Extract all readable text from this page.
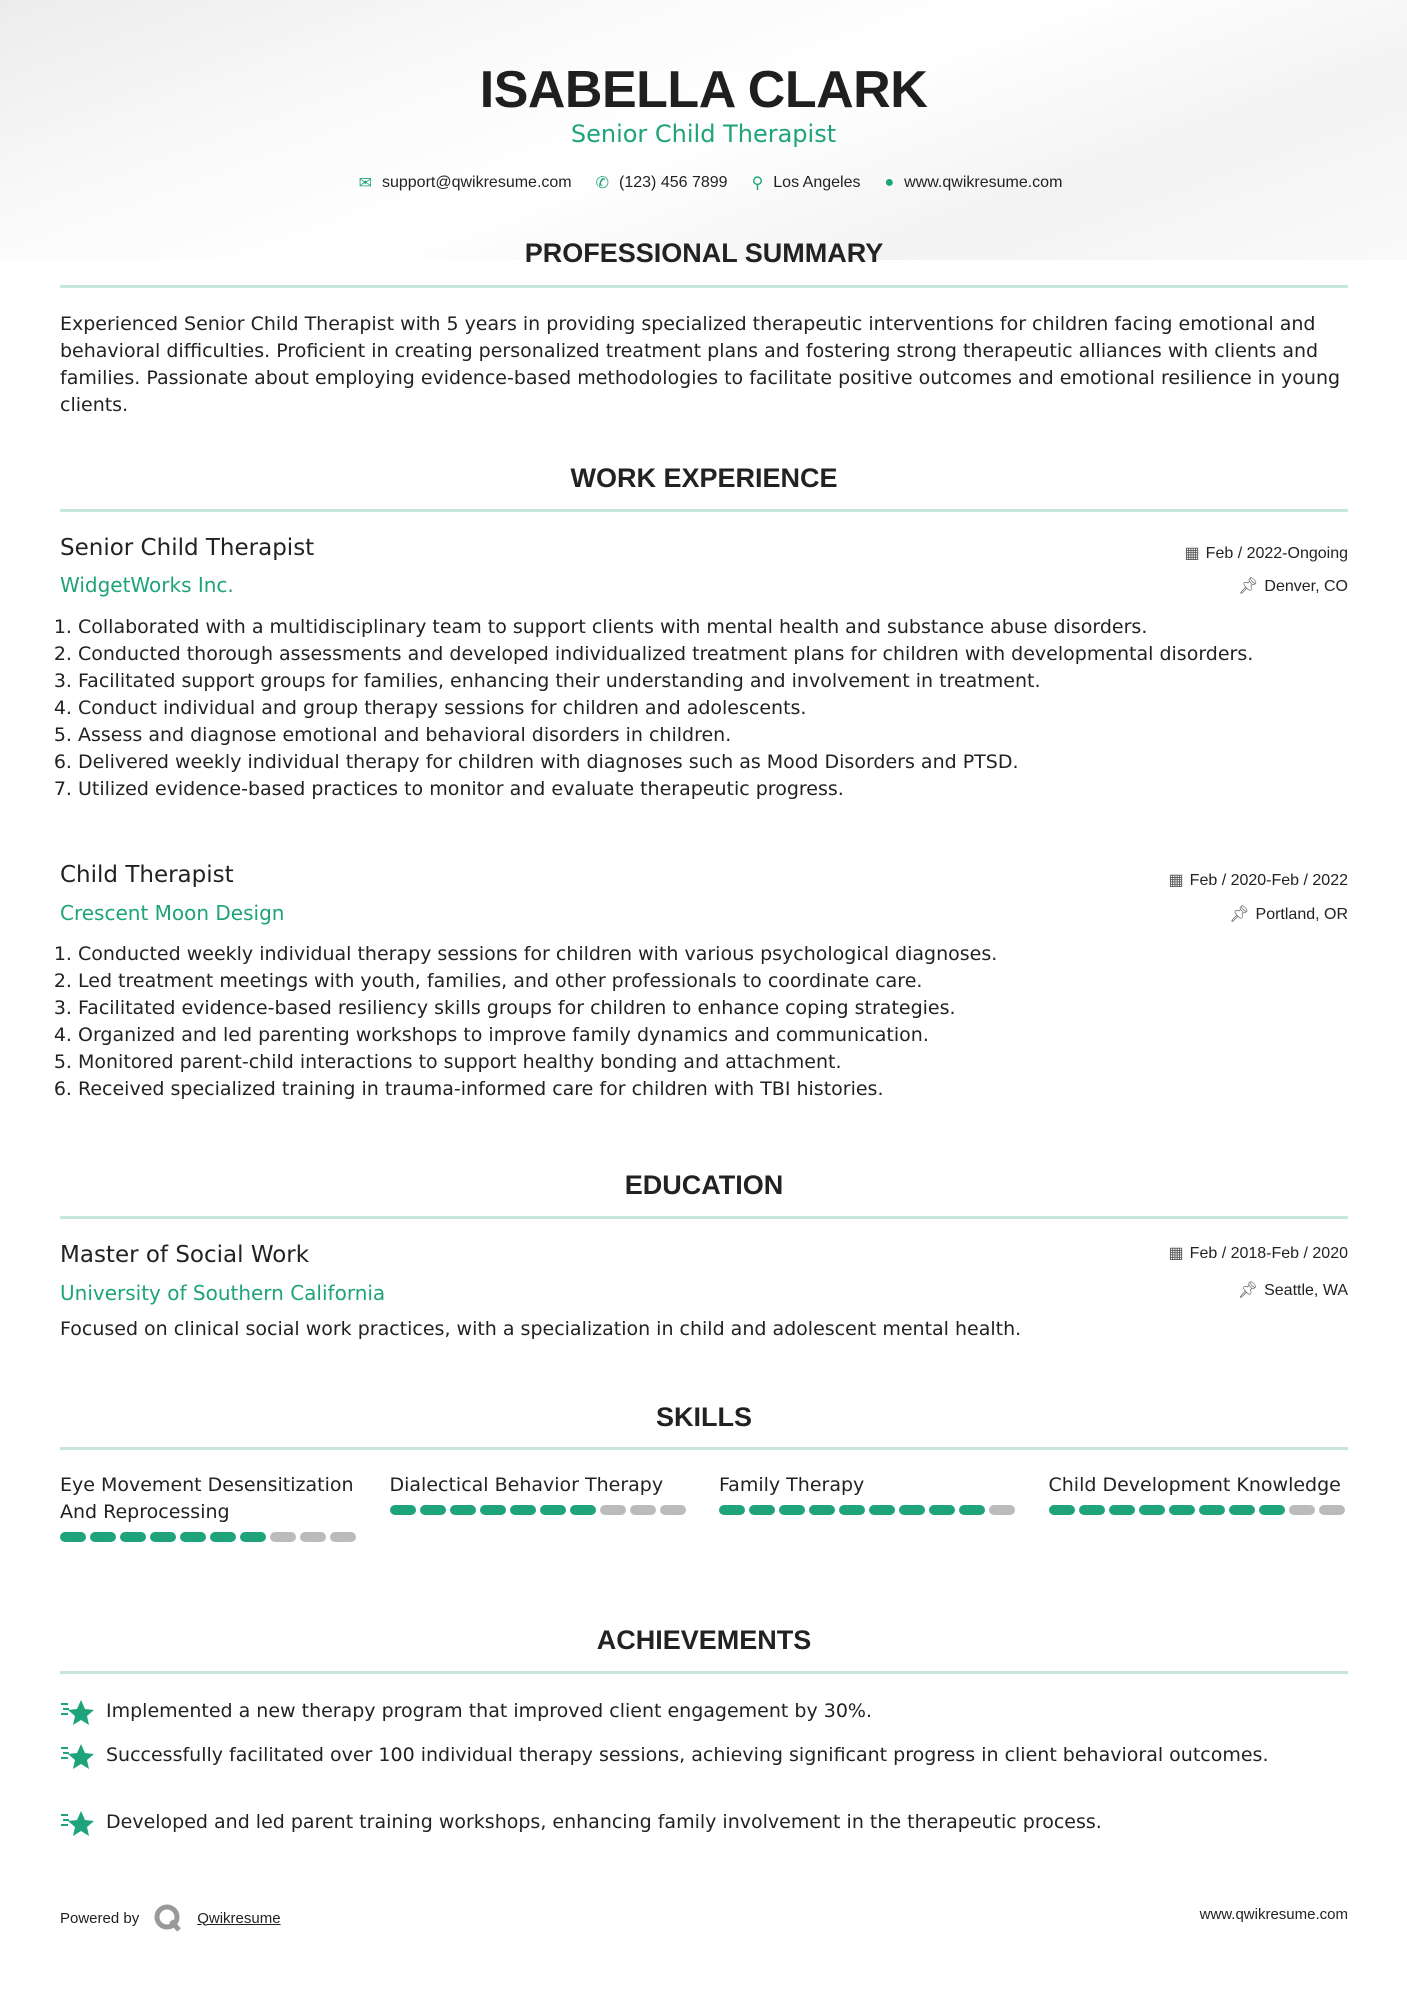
ISABELLA CLARK
Senior Child Therapist
✉ support@qwikresume.com ✆ (123) 456 7899 ⚲ Los Angeles ● www.qwikresume.com
PROFESSIONAL SUMMARY
Experienced Senior Child Therapist with 5 years in providing specialized therapeutic interventions for children facing emotional and behavioral difficulties. Proficient in creating personalized treatment plans and fostering strong therapeutic alliances with clients and families. Passionate about employing evidence-based methodologies to facilitate positive outcomes and emotional resilience in young clients.
WORK EXPERIENCE
Senior Child Therapist	▦ Feb / 2022-Ongoing
WidgetWorks Inc.	📌︎ Denver, CO
1. Collaborated with a multidisciplinary team to support clients with mental health and substance abuse disorders.
2. Conducted thorough assessments and developed individualized treatment plans for children with developmental disorders.
3. Facilitated support groups for families, enhancing their understanding and involvement in treatment.
4. Conduct individual and group therapy sessions for children and adolescents.
5. Assess and diagnose emotional and behavioral disorders in children.
6. Delivered weekly individual therapy for children with diagnoses such as Mood Disorders and PTSD.
7. Utilized evidence-based practices to monitor and evaluate therapeutic progress.
Child Therapist	▦ Feb / 2020-Feb / 2022
Crescent Moon Design	📌︎ Portland, OR
1. Conducted weekly individual therapy sessions for children with various psychological diagnoses.
2. Led treatment meetings with youth, families, and other professionals to coordinate care.
3. Facilitated evidence-based resiliency skills groups for children to enhance coping strategies.
4. Organized and led parenting workshops to improve family dynamics and communication.
5. Monitored parent-child interactions to support healthy bonding and attachment.
6. Received specialized training in trauma-informed care for children with TBI histories.
EDUCATION
Master of Social Work	▦ Feb / 2018-Feb / 2020
University of Southern California	📌︎ Seattle, WA
Focused on clinical social work practices, with a specialization in child and adolescent mental health.
SKILLS
Eye Movement Desensitization And Reprocessing
Dialectical Behavior Therapy	Family Therapy	Child Development Knowledge
ACHIEVEMENTS
Implemented a new therapy program that improved client engagement by 30%.
Successfully facilitated over 100 individual therapy sessions, achieving significant progress in client behavioral outcomes.
Developed and led parent training workshops, enhancing family involvement in the therapeutic process.
Powered by	Qwikresume	www.qwikresume.com
